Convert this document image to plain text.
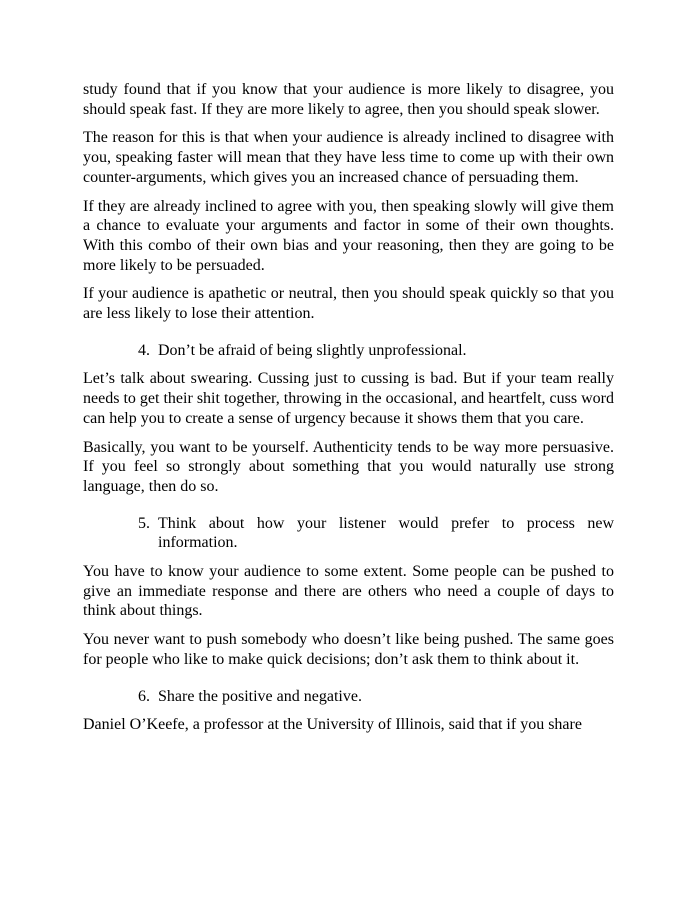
study found that if you know that your audience is more likely to disagree, you should speak fast. If they are more likely to agree, then you should speak slower.

The reason for this is that when your audience is already inclined to disagree with you, speaking faster will mean that they have less time to come up with their own counter-arguments, which gives you an increased chance of persuading them.

If they are already inclined to agree with you, then speaking slowly will give them a chance to evaluate your arguments and factor in some of their own thoughts. With this combo of their own bias and your reasoning, then they are going to be more likely to be persuaded.

If your audience is apathetic or neutral, then you should speak quickly so that you are less likely to lose their attention.

4. Don’t be afraid of being slightly unprofessional.

Let’s talk about swearing. Cussing just to cussing is bad. But if your team really needs to get their shit together, throwing in the occasional, and heartfelt, cuss word can help you to create a sense of urgency because it shows them that you care.

Basically, you want to be yourself. Authenticity tends to be way more persuasive. If you feel so strongly about something that you would naturally use strong language, then do so.

5. Think about how your listener would prefer to process new information.

You have to know your audience to some extent. Some people can be pushed to give an immediate response and there are others who need a couple of days to think about things.

You never want to push somebody who doesn’t like being pushed. The same goes for people who like to make quick decisions; don’t ask them to think about it.

6. Share the positive and negative.

Daniel O’Keefe, a professor at the University of Illinois, said that if you share
